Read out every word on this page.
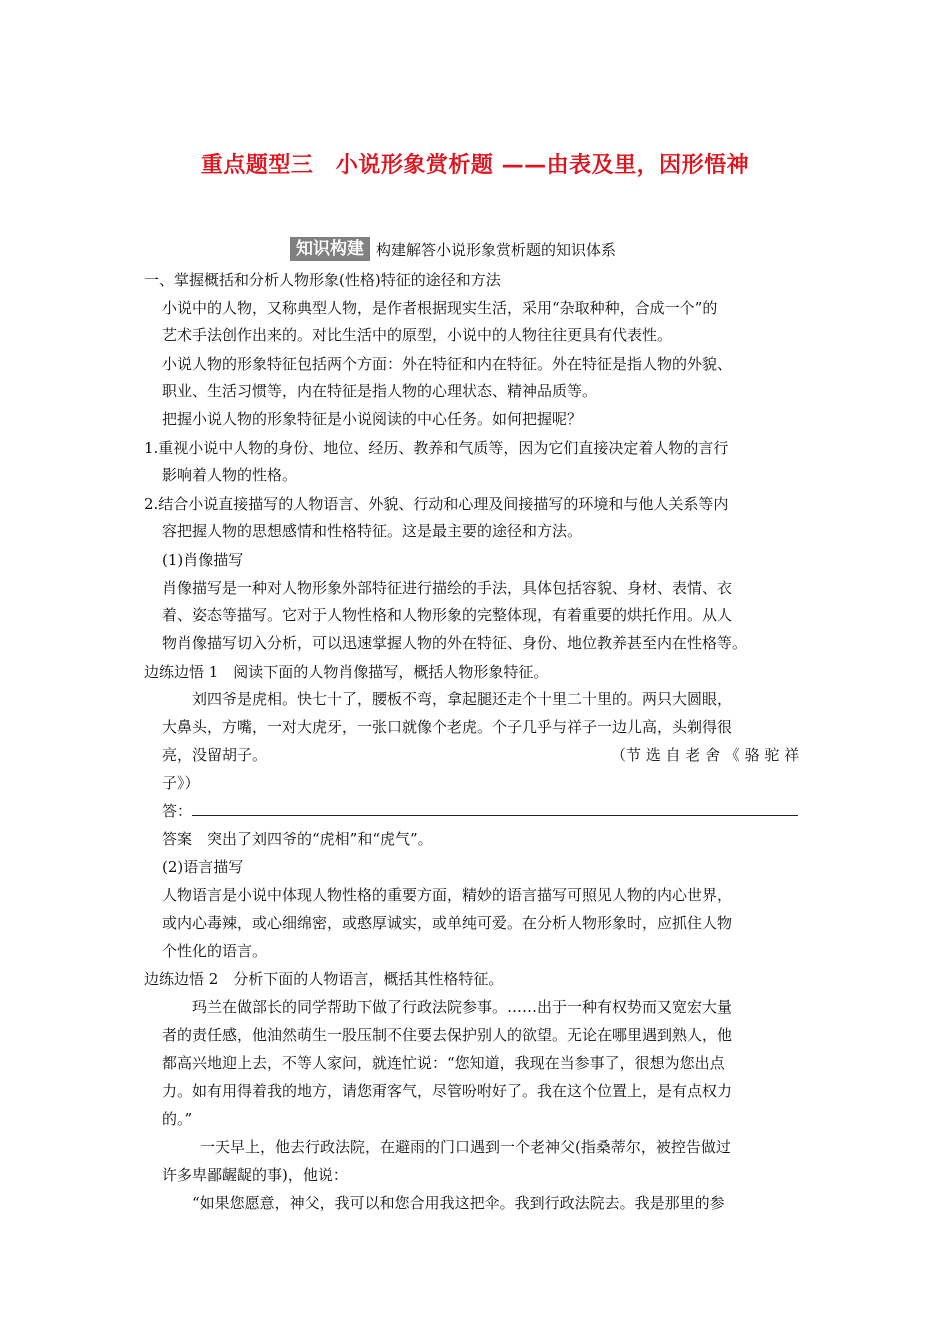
重点题型三　小说形象赏析题 ——由表及里，因形悟神
知识构建 构建解答小说形象赏析题的知识体系
一、掌握概括和分析人物形象(性格)特征的途径和方法
小说中的人物，又称典型人物，是作者根据现实生活，采用“杂取种种，合成一个”的
艺术手法创作出来的。对比生活中的原型，小说中的人物往往更具有代表性。
小说人物的形象特征包括两个方面：外在特征和内在特征。外在特征是指人物的外貌、
职业、生活习惯等，内在特征是指人物的心理状态、精神品质等。
把握小说人物的形象特征是小说阅读的中心任务。如何把握呢？
1.重视小说中人物的身份、地位、经历、教养和气质等，因为它们直接决定着人物的言行
影响着人物的性格。
2.结合小说直接描写的人物语言、外貌、行动和心理及间接描写的环境和与他人关系等内
容把握人物的思想感情和性格特征。这是最主要的途径和方法。
(1)肖像描写
肖像描写是一种对人物形象外部特征进行描绘的手法，具体包括容貌、身材、表情、衣
着、姿态等描写。它对于人物性格和人物形象的完整体现，有着重要的烘托作用。从人
物肖像描写切入分析，可以迅速掌握人物的外在特征、身份、地位教养甚至内在性格等。
边练边悟 1　阅读下面的人物肖像描写，概括人物形象特征。
刘四爷是虎相。快七十了，腰板不弯，拿起腿还走个十里二十里的。两只大圆眼，
大鼻头，方嘴，一对大虎牙，一张口就像个老虎。个子几乎与祥子一边儿高，头剃得很
亮，没留胡子。	（节 选 自 老 舍 《 骆 驼 祥
子》）
答：
答案　突出了刘四爷的“虎相”和“虎气”。
(2)语言描写
人物语言是小说中体现人物性格的重要方面，精妙的语言描写可照见人物的内心世界，
或内心毒辣，或心细绵密，或憨厚诚实，或单纯可爱。在分析人物形象时，应抓住人物
个性化的语言。
边练边悟 2　分析下面的人物语言，概括其性格特征。
玛兰在做部长的同学帮助下做了行政法院参事。……出于一种有权势而又宽宏大量
者的责任感，他油然萌生一股压制不住要去保护别人的欲望。无论在哪里遇到熟人，他
都高兴地迎上去，不等人家问，就连忙说：“您知道，我现在当参事了，很想为您出点
力。如有用得着我的地方，请您甭客气，尽管吩咐好了。我在这个位置上，是有点权力
的。”
一天早上，他去行政法院，在避雨的门口遇到一个老神父(指桑蒂尔，被控告做过
许多卑鄙龌龊的事)，他说：
“如果您愿意，神父，我可以和您合用我这把伞。我到行政法院去。我是那里的参
